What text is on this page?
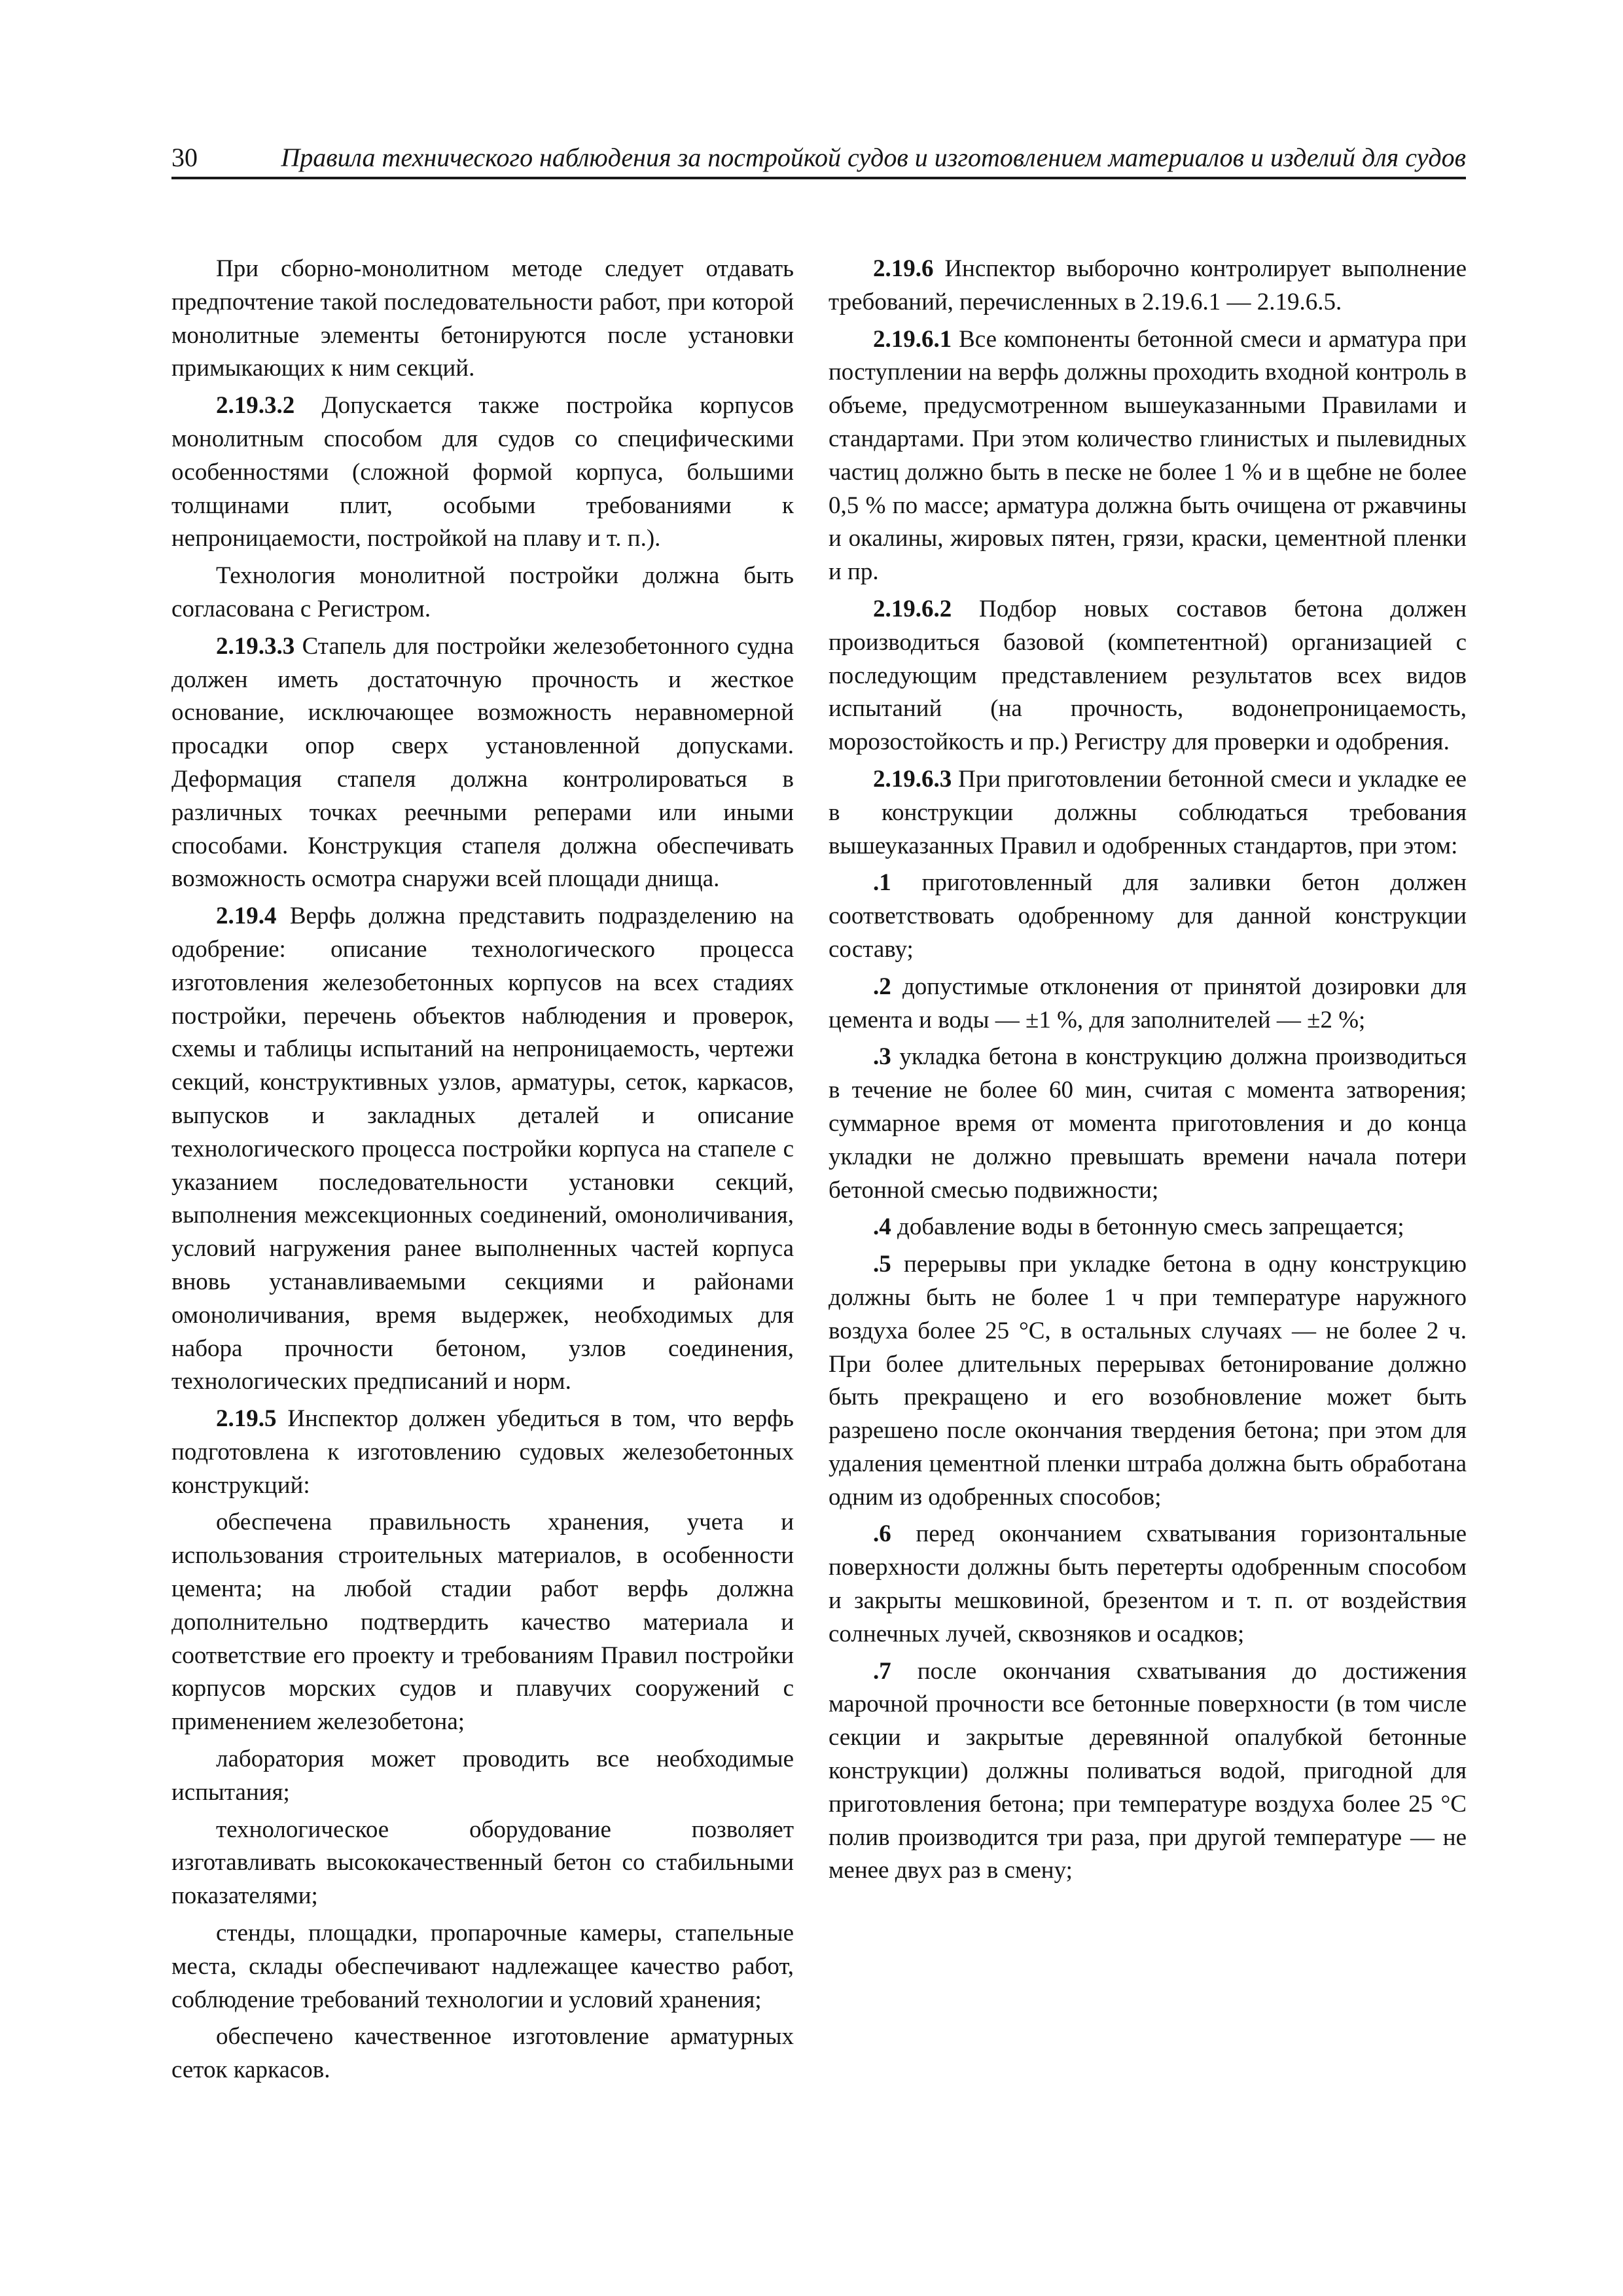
30	Правила технического наблюдения за постройкой судов и изготовлением материалов и изделий для судов

При сборно-монолитном методе следует отдавать предпочтение такой последовательности работ, при которой монолитные элементы бетонируются после установки примыкающих к ним секций.

2.19.3.2 Допускается также постройка корпусов монолитным способом для судов со специфическими особенностями (сложной формой корпуса, большими толщинами плит, особыми требованиями к непроницаемости, постройкой на плаву и т. п.).

Технология монолитной постройки должна быть согласована с Регистром.

2.19.3.3 Стапель для постройки железобетонного судна должен иметь достаточную прочность и жесткое основание, исключающее возможность неравномерной просадки опор сверх установленной допусками. Деформация стапеля должна контролироваться в различных точках реечными реперами или иными способами. Конструкция стапеля должна обеспечивать возможность осмотра снаружи всей площади днища.

2.19.4 Верфь должна представить подразделению на одобрение: описание технологического процесса изготовления железобетонных корпусов на всех стадиях постройки, перечень объектов наблюдения и проверок, схемы и таблицы испытаний на непроницаемость, чертежи секций, конструктивных узлов, арматуры, сеток, каркасов, выпусков и закладных деталей и описание технологического процесса постройки корпуса на стапеле с указанием последовательности установки секций, выполнения межсекционных соединений, омоноличивания, условий нагружения ранее выполненных частей корпуса вновь устанавливаемыми секциями и районами омоноличивания, время выдержек, необходимых для набора прочности бетоном, узлов соединения, технологических предписаний и норм.

2.19.5 Инспектор должен убедиться в том, что верфь подготовлена к изготовлению судовых железобетонных конструкций:

обеспечена правильность хранения, учета и использования строительных материалов, в особенности цемента; на любой стадии работ верфь должна дополнительно подтвердить качество материала и соответствие его проекту и требованиям Правил постройки корпусов морских судов и плавучих сооружений с применением железобетона;

лаборатория может проводить все необходимые испытания;

технологическое оборудование позволяет изготавливать высококачественный бетон со стабильными показателями;

стенды, площадки, пропарочные камеры, стапельные места, склады обеспечивают надлежащее качество работ, соблюдение требований технологии и условий хранения;

обеспечено качественное изготовление арматурных сеток каркасов.

2.19.6 Инспектор выборочно контролирует выполнение требований, перечисленных в 2.19.6.1 — 2.19.6.5.

2.19.6.1 Все компоненты бетонной смеси и арматура при поступлении на верфь должны проходить входной контроль в объеме, предусмотренном вышеуказанными Правилами и стандартами. При этом количество глинистых и пылевидных частиц должно быть в песке не более 1 % и в щебне не более 0,5 % по массе; арматура должна быть очищена от ржавчины и окалины, жировых пятен, грязи, краски, цементной пленки и пр.

2.19.6.2 Подбор новых составов бетона должен производиться базовой (компетентной) организацией с последующим представлением результатов всех видов испытаний (на прочность, водонепроницаемость, морозостойкость и пр.) Регистру для проверки и одобрения.

2.19.6.3 При приготовлении бетонной смеси и укладке ее в конструкции должны соблюдаться требования вышеуказанных Правил и одобренных стандартов, при этом:

.1 приготовленный для заливки бетон должен соответствовать одобренному для данной конструкции составу;

.2 допустимые отклонения от принятой дозировки для цемента и воды — ±1 %, для заполнителей — ±2 %;

.3 укладка бетона в конструкцию должна производиться в течение не более 60 мин, считая с момента затворения; суммарное время от момента приготовления и до конца укладки не должно превышать времени начала потери бетонной смесью подвижности;

.4 добавление воды в бетонную смесь запрещается;

.5 перерывы при укладке бетона в одну конструкцию должны быть не более 1 ч при температуре наружного воздуха более 25 °С, в остальных случаях — не более 2 ч. При более длительных перерывах бетонирование должно быть прекращено и его возобновление может быть разрешено после окончания твердения бетона; при этом для удаления цементной пленки штраба должна быть обработана одним из одобренных способов;

.6 перед окончанием схватывания горизонтальные поверхности должны быть перетерты одобренным способом и закрыты мешковиной, брезентом и т. п. от воздействия солнечных лучей, сквозняков и осадков;

.7 после окончания схватывания до достижения марочной прочности все бетонные поверхности (в том числе секции и закрытые деревянной опалубкой бетонные конструкции) должны поливаться водой, пригодной для приготовления бетона; при температуре воздуха более 25 °С полив производится три раза, при другой температуре — не менее двух раз в смену;
